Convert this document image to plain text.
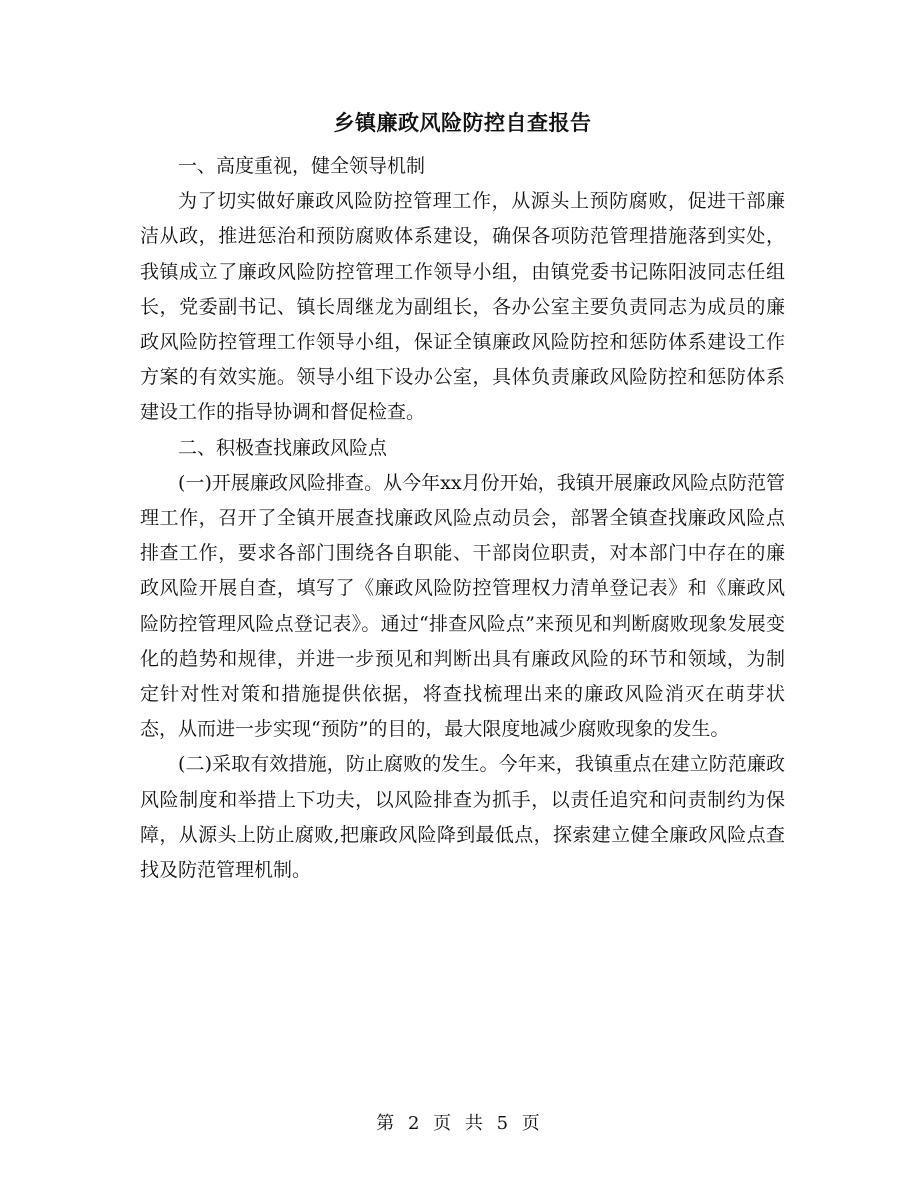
乡镇廉政风险防控自查报告

一、高度重视，健全领导机制

为了切实做好廉政风险防控管理工作，从源头上预防腐败，促进干部廉洁从政，推进惩治和预防腐败体系建设，确保各项防范管理措施落到实处，我镇成立了廉政风险防控管理工作领导小组，由镇党委书记陈阳波同志任组长，党委副书记、镇长周继龙为副组长，各办公室主要负责同志为成员的廉政风险防控管理工作领导小组，保证全镇廉政风险防控和惩防体系建设工作方案的有效实施。领导小组下设办公室，具体负责廉政风险防控和惩防体系建设工作的指导协调和督促检查。

二、积极查找廉政风险点

(一)开展廉政风险排查。从今年xx月份开始，我镇开展廉政风险点防范管理工作，召开了全镇开展查找廉政风险点动员会，部署全镇查找廉政风险点排查工作，要求各部门围绕各自职能、干部岗位职责，对本部门中存在的廉政风险开展自查，填写了《廉政风险防控管理权力清单登记表》和《廉政风险防控管理风险点登记表》。通过“排查风险点”来预见和判断腐败现象发展变化的趋势和规律，并进一步预见和判断出具有廉政风险的环节和领域，为制定针对性对策和措施提供依据，将查找梳理出来的廉政风险消灭在萌芽状态，从而进一步实现“预防”的目的，最大限度地减少腐败现象的发生。

(二)采取有效措施，防止腐败的发生。今年来，我镇重点在建立防范廉政风险制度和举措上下功夫，以风险排查为抓手，以责任追究和问责制约为保障，从源头上防止腐败,把廉政风险降到最低点，探索建立健全廉政风险点查找及防范管理机制。

第 2 页 共 5 页
